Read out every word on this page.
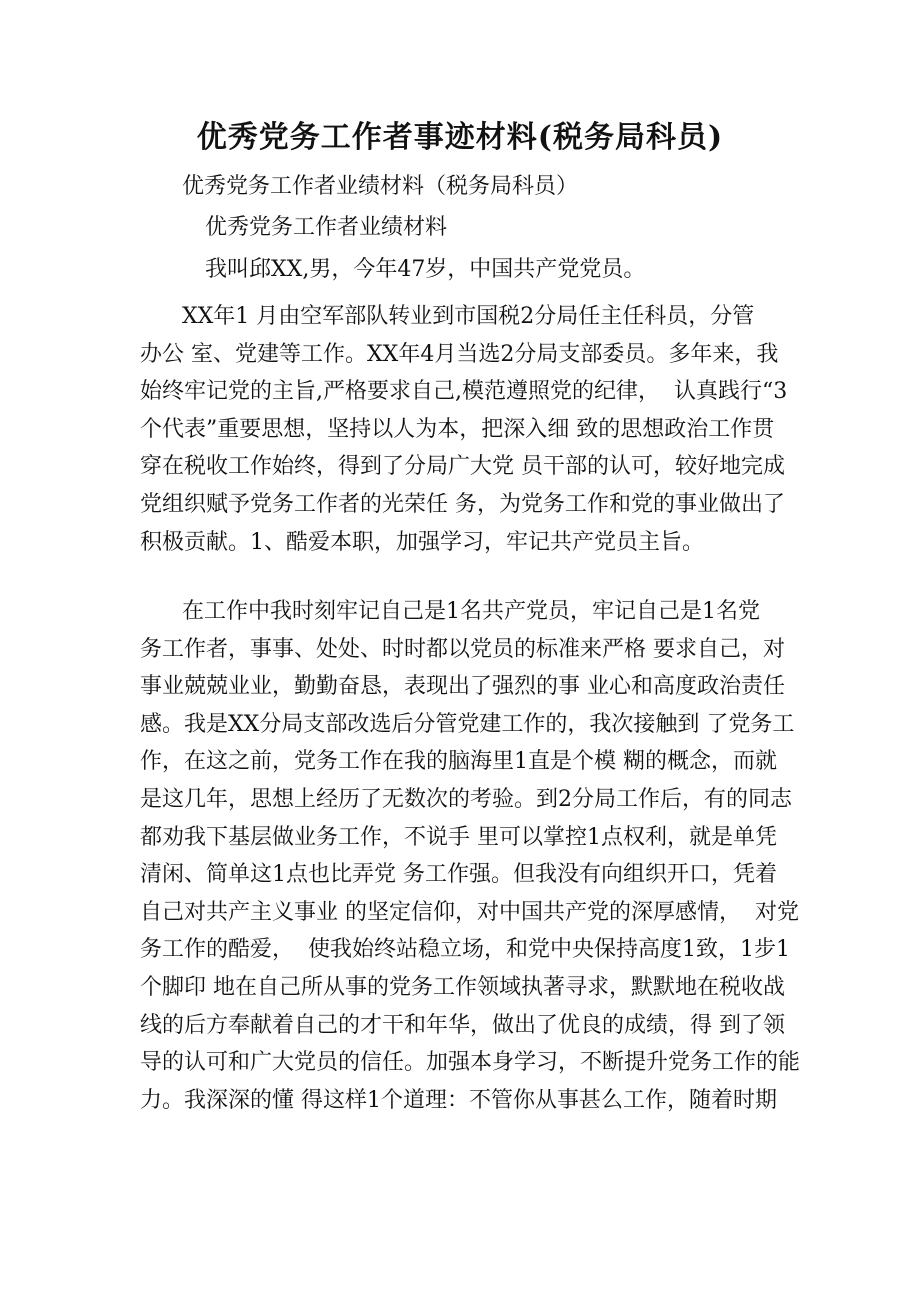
优秀党务工作者事迹材料(税务局科员)
优秀党务工作者业绩材料（税务局科员）
优秀党务工作者业绩材料
我叫邱XX,男，今年47岁，中国共产党党员。
XX年1 月由空军部队转业到市国税2分局任主任科员，分管
办公 室、党建等工作。XX年4月当选2分局支部委员。多年来，我
始终牢记党的主旨,严格要求自己,模范遵照党的纪律，  认真践行“3
个代表”重要思想，坚持以人为本，把深入细 致的思想政治工作贯
穿在税收工作始终，得到了分局广大党 员干部的认可，较好地完成
党组织赋予党务工作者的光荣任 务，为党务工作和党的事业做出了
积极贡献。1、酷爱本职，加强学习，牢记共产党员主旨。
在工作中我时刻牢记自己是1名共产党员，牢记自己是1名党
务工作者，事事、处处、时时都以党员的标准来严格 要求自己，对
事业兢兢业业，勤勤奋恳，表现出了强烈的事 业心和高度政治责任
感。我是XX分局支部改选后分管党建工作的，我次接触到 了党务工
作，在这之前，党务工作在我的脑海里1直是个模 糊的概念，而就
是这几年，思想上经历了无数次的考验。到2分局工作后，有的同志
都劝我下基层做业务工作，不说手 里可以掌控1点权利，就是单凭
清闲、简单这1点也比弄党 务工作强。但我没有向组织开口，凭着
自己对共产主义事业 的坚定信仰，对中国共产党的深厚感情，  对党
务工作的酷爱，  使我始终站稳立场，和党中央保持高度1致，1步1
个脚印 地在自己所从事的党务工作领域执著寻求，默默地在税收战
线的后方奉献着自己的才干和年华，做出了优良的成绩，得 到了领
导的认可和广大党员的信任。加强本身学习，不断提升党务工作的能
力。我深深的懂 得这样1个道理：不管你从事甚么工作，随着时期
